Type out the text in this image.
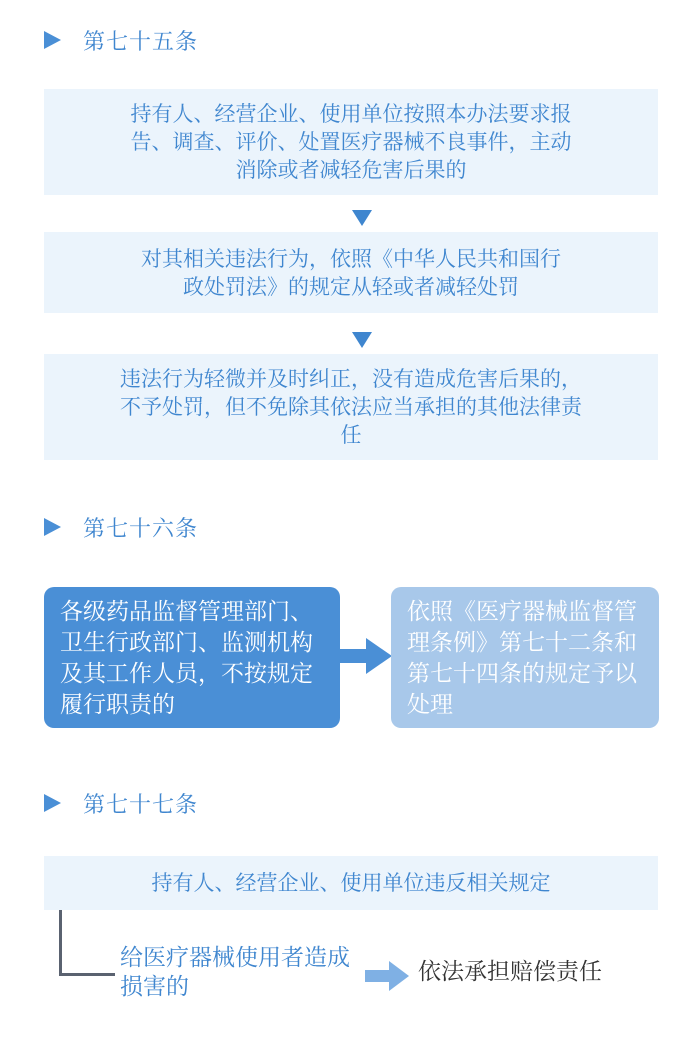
第七十五条
持有人、经营企业、使用单位按照本办法要求报告、调查、评价、处置医疗器械不良事件，主动消除或者减轻危害后果的
对其相关违法行为，依照《中华人民共和国行政处罚法》的规定从轻或者减轻处罚
违法行为轻微并及时纠正，没有造成危害后果的，不予处罚，但不免除其依法应当承担的其他法律责任
第七十六条
各级药品监督管理部门、卫生行政部门、监测机构及其工作人员，不按规定履行职责的
依照《医疗器械监督管理条例》第七十二条和第七十四条的规定予以处理
第七十七条
持有人、经营企业、使用单位违反相关规定
给医疗器械使用者造成损害的
依法承担赔偿责任
